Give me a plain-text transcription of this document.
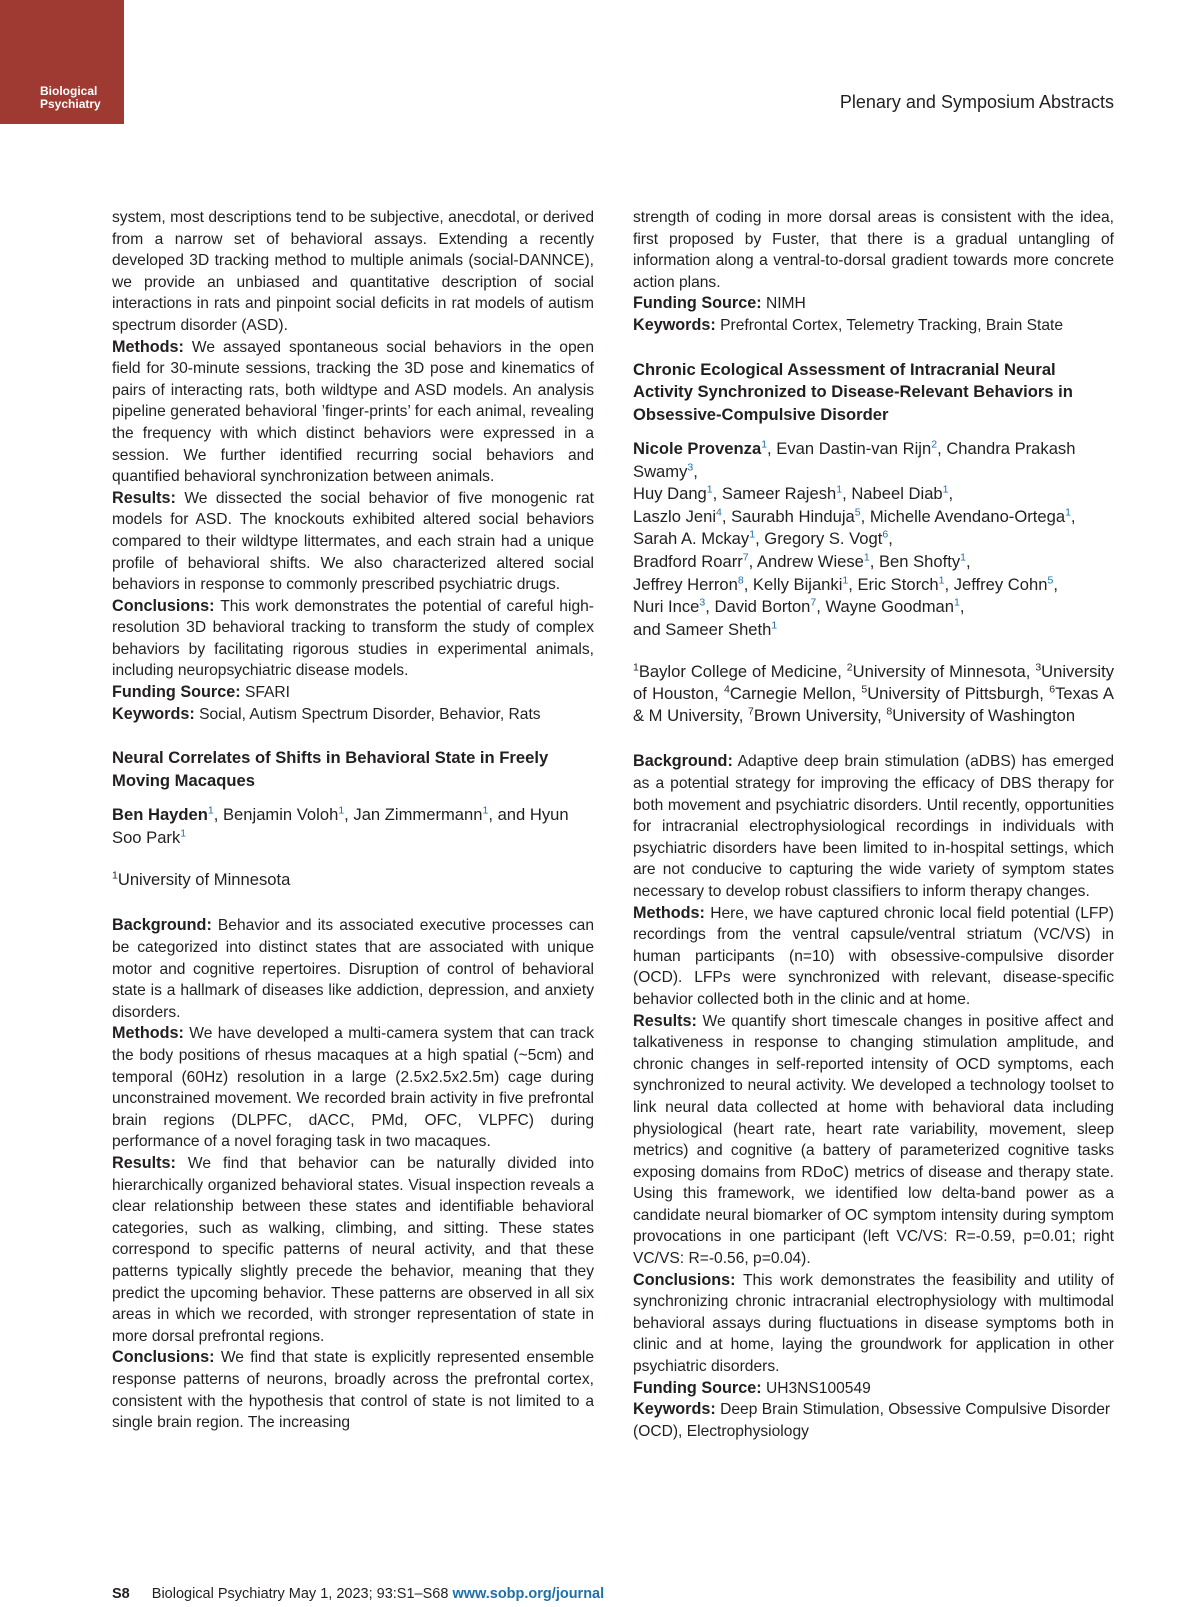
Biological
Psychiatry	Plenary and Symposium Abstracts

system, most descriptions tend to be subjective, anecdotal, or derived from a narrow set of behavioral assays. Extending a recently developed 3D tracking method to multiple animals (social-DANNCE), we provide an unbiased and quantitative description of social interactions in rats and pinpoint social deficits in rat models of autism spectrum disorder (ASD).

Methods: We assayed spontaneous social behaviors in the open field for 30-minute sessions, tracking the 3D pose and kinematics of pairs of interacting rats, both wildtype and ASD models. An analysis pipeline generated behavioral ’finger-prints’ for each animal, revealing the frequency with which distinct behaviors were expressed in a session. We further identified recurring social behaviors and quantified behavioral synchronization between animals.

Results: We dissected the social behavior of five monogenic rat models for ASD. The knockouts exhibited altered social behaviors compared to their wildtype littermates, and each strain had a unique profile of behavioral shifts. We also characterized altered social behaviors in response to commonly prescribed psychiatric drugs.

Conclusions: This work demonstrates the potential of careful high-resolution 3D behavioral tracking to transform the study of complex behaviors by facilitating rigorous studies in experimental animals, including neuropsychiatric disease models.

Funding Source: SFARI

Keywords: Social, Autism Spectrum Disorder, Behavior, Rats

Neural Correlates of Shifts in Behavioral State in Freely Moving Macaques

Ben Hayden$^1$, Benjamin Voloh$^1$, Jan Zimmermann$^1$, and Hyun Soo Park$^1$

$^1$University of Minnesota

Background: Behavior and its associated executive processes can be categorized into distinct states that are associated with unique motor and cognitive repertoires. Disruption of control of behavioral state is a hallmark of diseases like addiction, depression, and anxiety disorders.

Methods: We have developed a multi-camera system that can track the body positions of rhesus macaques at a high spatial (~5cm) and temporal (60Hz) resolution in a large (2.5x2.5x2.5m) cage during unconstrained movement. We recorded brain activity in five prefrontal brain regions (DLPFC, dACC, PMd, OFC, VLPFC) during performance of a novel foraging task in two macaques.

Results: We find that behavior can be naturally divided into hierarchically organized behavioral states. Visual inspection reveals a clear relationship between these states and identifiable behavioral categories, such as walking, climbing, and sitting. These states correspond to specific patterns of neural activity, and that these patterns typically slightly precede the behavior, meaning that they predict the upcoming behavior. These patterns are observed in all six areas in which we recorded, with stronger representation of state in more dorsal prefrontal regions.

Conclusions: We find that state is explicitly represented ensemble response patterns of neurons, broadly across the prefrontal cortex, consistent with the hypothesis that control of state is not limited to a single brain region. The increasing

strength of coding in more dorsal areas is consistent with the idea, first proposed by Fuster, that there is a gradual untangling of information along a ventral-to-dorsal gradient towards more concrete action plans.

Funding Source: NIMH

Keywords: Prefrontal Cortex, Telemetry Tracking, Brain State

Chronic Ecological Assessment of Intracranial Neural Activity Synchronized to Disease-Relevant Behaviors in Obsessive-Compulsive Disorder

Nicole Provenza$^1$, Evan Dastin-van Rijn$^2$, Chandra Prakash Swamy$^3$,
Huy Dang$^1$, Sameer Rajesh$^1$, Nabeel Diab$^1$,
Laszlo Jeni$^4$, Saurabh Hinduja$^5$, Michelle Avendano-Ortega$^1$,
Sarah A. Mckay$^1$, Gregory S. Vogt$^6$,
Bradford Roarr$^7$, Andrew Wiese$^1$, Ben Shofty$^1$,
Jeffrey Herron$^8$, Kelly Bijanki$^1$, Eric Storch$^1$, Jeffrey Cohn$^5$,
Nuri Ince$^3$, David Borton$^7$, Wayne Goodman$^1$,
and Sameer Sheth$^1$

$^1$Baylor College of Medicine, $^2$University of Minnesota, $^3$University of Houston, $^4$Carnegie Mellon, $^5$University of Pittsburgh, $^6$Texas A & M University, $^7$Brown University, $^8$University of Washington

Background: Adaptive deep brain stimulation (aDBS) has emerged as a potential strategy for improving the efficacy of DBS therapy for both movement and psychiatric disorders. Until recently, opportunities for intracranial electrophysiological recordings in individuals with psychiatric disorders have been limited to in-hospital settings, which are not conducive to capturing the wide variety of symptom states necessary to develop robust classifiers to inform therapy changes.

Methods: Here, we have captured chronic local field potential (LFP) recordings from the ventral capsule/ventral striatum (VC/VS) in human participants (n=10) with obsessive-compulsive disorder (OCD). LFPs were synchronized with relevant, disease-specific behavior collected both in the clinic and at home.

Results: We quantify short timescale changes in positive affect and talkativeness in response to changing stimulation amplitude, and chronic changes in self-reported intensity of OCD symptoms, each synchronized to neural activity. We developed a technology toolset to link neural data collected at home with behavioral data including physiological (heart rate, heart rate variability, movement, sleep metrics) and cognitive (a battery of parameterized cognitive tasks exposing domains from RDoC) metrics of disease and therapy state. Using this framework, we identified low delta-band power as a candidate neural biomarker of OC symptom intensity during symptom provocations in one participant (left VC/VS: R=-0.59, p=0.01; right VC/VS: R=-0.56, p=0.04).

Conclusions: This work demonstrates the feasibility and utility of synchronizing chronic intracranial electrophysiology with multimodal behavioral assays during fluctuations in disease symptoms both in clinic and at home, laying the groundwork for application in other psychiatric disorders.

Funding Source: UH3NS100549

Keywords: Deep Brain Stimulation, Obsessive Compulsive Disorder (OCD), Electrophysiology

S8 Biological Psychiatry May 1, 2023; 93:S1–S68 www.sobp.org/journal
